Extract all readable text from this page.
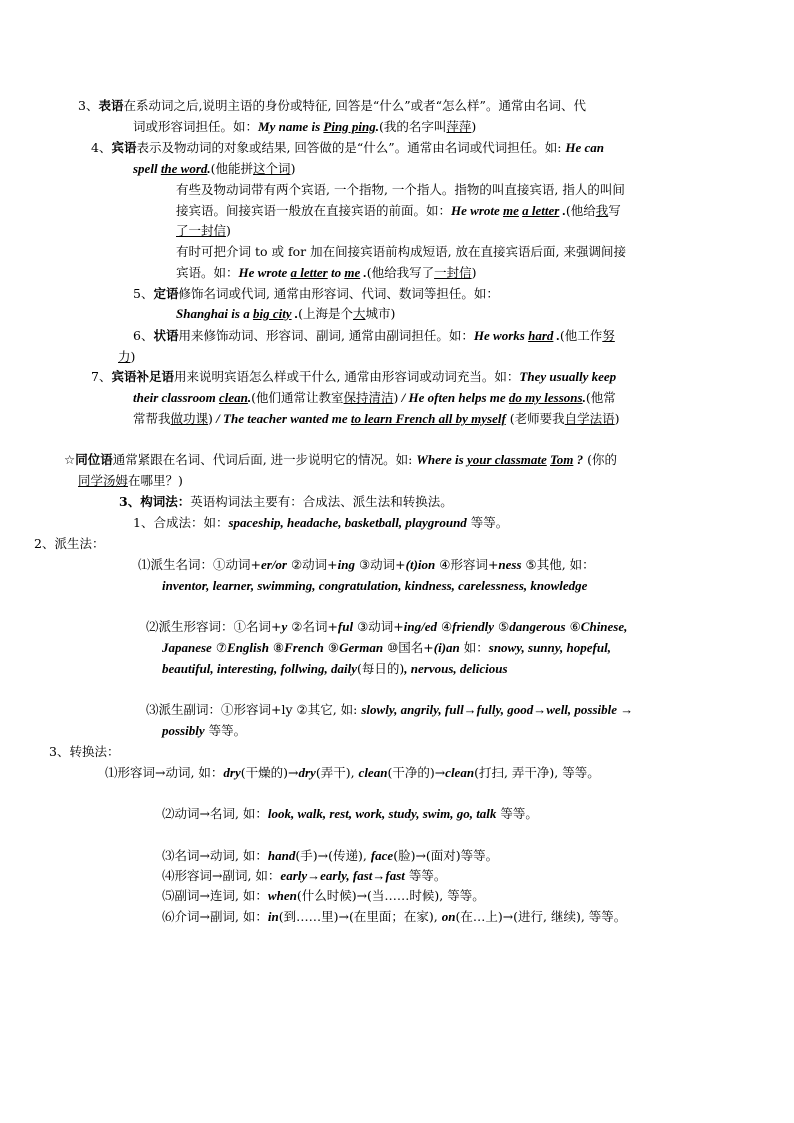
3、表语在系动词之后,说明主语的身份或特征, 回答是“什么”或者“怎么样”。通常由名词、代
词或形容词担任。如：My name is Ping ping.(我的名字叫萍萍)
4、宾语表示及物动词的对象或结果, 回答做的是“什么”。通常由名词或代词担任。如: He can
spell the word.(他能拼这个词)
有些及物动词带有两个宾语, 一个指物, 一个指人。指物的叫直接宾语, 指人的叫间
接宾语。间接宾语一般放在直接宾语的前面。如：He wrote me a letter .(他给我写
了一封信)
有时可把介词 to 或 for 加在间接宾语前构成短语, 放在直接宾语后面, 来强调间接
宾语。如：He wrote a letter to me .(他给我写了一封信)
5、定语修饰名词或代词, 通常由形容词、代词、数词等担任。如：
Shanghai is a big city .(上海是个大城市)
6、状语用来修饰动词、形容词、副词, 通常由副词担任。如：He works hard .(他工作努
力)
7、宾语补足语用来说明宾语怎么样或干什么, 通常由形容词或动词充当。如：They usually keep
their classroom clean.(他们通常让教室保持清洁) / He often helps me do my lessons.(他常
常帮我做功课) / The teacher wanted me to learn French all by myself (老师要我自学法语)
☆同位语通常紧跟在名词、代词后面, 进一步说明它的情况。如: Where is your classmate Tom ? (你的
同学汤姆在哪里？)
3、构词法：英语构词法主要有：合成法、派生法和转换法。
1、合成法：如：spaceship, headache, basketball, playground 等等。
2、派生法：
⑴派生名词：①动词+er/or ②动词+ing ③动词+(t)ion ④形容词+ness ⑤其他, 如：
inventor, learner, swimming, congratulation, kindness, carelessness, knowledge
⑵派生形容词：①名词+y ②名词+ful ③动词+ing/ed ④friendly ⑤dangerous ⑥Chinese,
Japanese ⑦English ⑧French ⑨German ⑩国名+(i)an 如：snowy, sunny, hopeful,
beautiful, interesting, follwing, daily(每日的), nervous, delicious
⑶派生副词：①形容词+ly ②其它, 如: slowly, angrily, full→fully, good→well, possible →
possibly 等等。
3、转换法：
⑴形容词→动词, 如：dry(干燥的)→dry(弄干), clean(干净的)→clean(打扫, 弄干净), 等等。
⑵动词→名词, 如：look, walk, rest, work, study, swim, go, talk 等等。
⑶名词→动词, 如：hand(手)→(传递), face(脸)→(面对)等等。
⑷形容词→副词, 如：early→early, fast→fast 等等。
⑸副词→连词, 如：when(什么时候)→(当……时候), 等等。
⑹介词→副词, 如：in(到……里)→(在里面；在家), on(在…上)→(进行, 继续), 等等。
